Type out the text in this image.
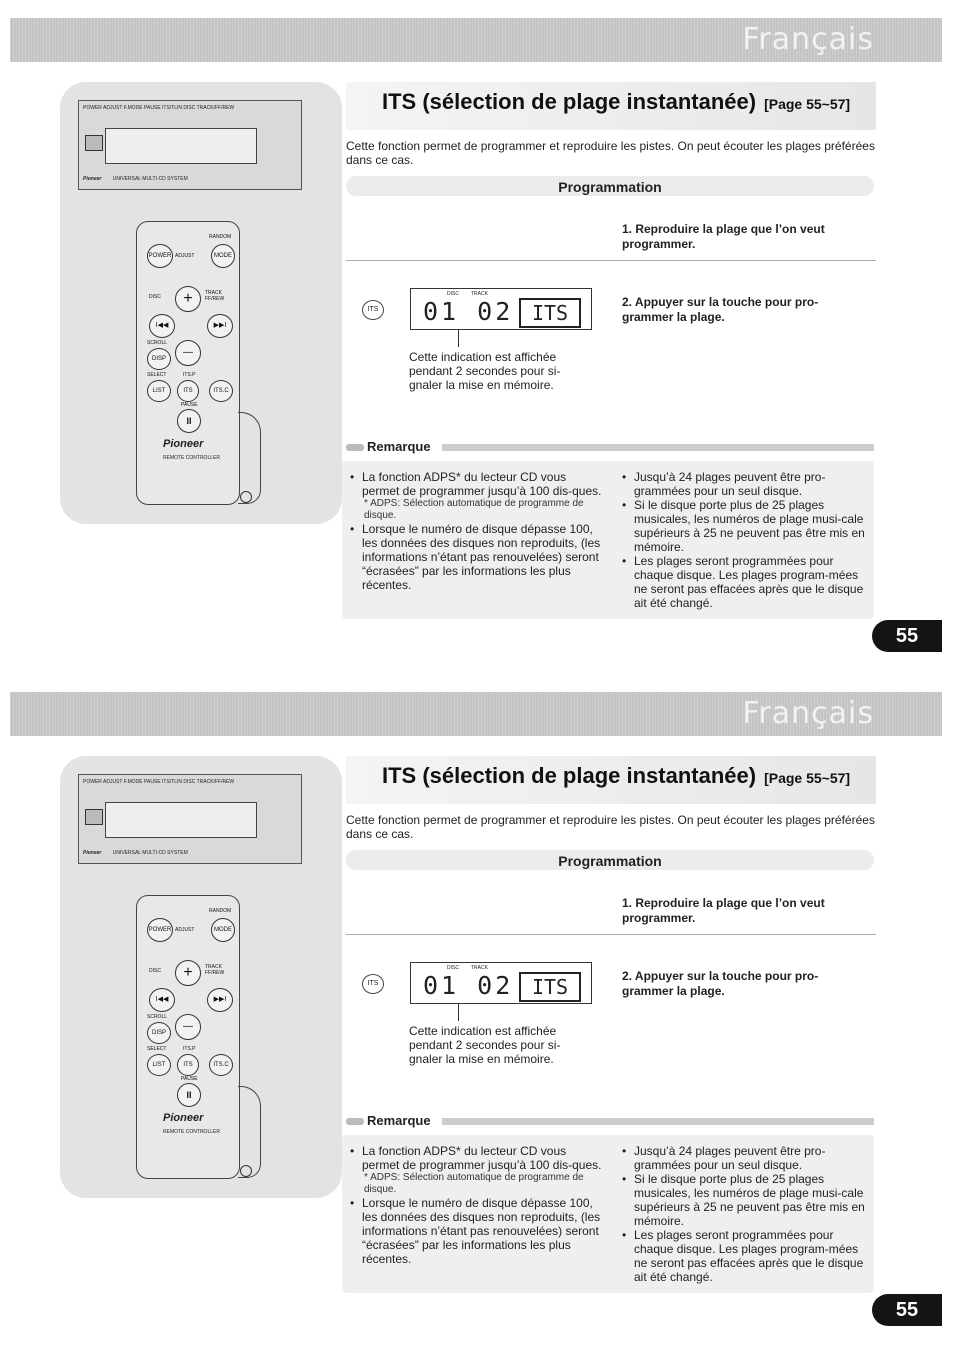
Français
POWER ADJUST F.MODE PAUSE ITS/TLIN DISC TRACK/FF/REW
Pioneer UNIVERSAL MULTI-CD SYSTEM
RANDOM
POWER ADJUST	MODE
DISC	+	TRACK FF/REW
I◀◀	▶▶I
—
SCROLL
DISP
SELECT	ITS.P
LIST	ITS	ITS.C
PAUSE
II
Pioneer
REMOTE CONTROLLER
ITS (sélection de plage instantanée) [Page 55~57]
Cette fonction permet de programmer et reproduire les pistes. On peut écouter les plages préférées dans ce cas.
Programmation
1. Reproduire la plage que l’on veut programmer.
ITS
DISC TRACK
01 02 ITS
Cette indication est affichée pendant 2 secondes pour si-gnaler la mise en mémoire.
2. Appuyer sur la touche pour pro-grammer la plage.
Remarque
• La fonction ADPS* du lecteur CD vous permet de programmer jusqu’à 100 dis-ques.
* ADPS: Sélection automatique de programme de disque.
• Lorsque le numéro de disque dépasse 100, les données des disques non reproduits, (les informations n’étant pas renouvelées) seront “écrasées” par les informations les plus récentes.
• Jusqu’à 24 plages peuvent être pro-grammées pour un seul disque.
• Si le disque porte plus de 25 plages musicales, les numéros de plage musi-cale supérieurs à 25 ne peuvent pas être mis en mémoire.
• Les plages seront programmées pour chaque disque. Les plages program-mées ne seront pas effacées après que le disque ait été changé.
55
Français
POWER ADJUST F.MODE PAUSE ITS/TLIN DISC TRACK/FF/REW
Pioneer UNIVERSAL MULTI-CD SYSTEM
RANDOM
POWER ADJUST	MODE
DISC	+	TRACK FF/REW
I◀◀	▶▶I
—
SCROLL
DISP
SELECT	ITS.P
LIST	ITS	ITS.C
PAUSE
II
Pioneer
REMOTE CONTROLLER
ITS (sélection de plage instantanée) [Page 55~57]
Cette fonction permet de programmer et reproduire les pistes. On peut écouter les plages préférées dans ce cas.
Programmation
1. Reproduire la plage que l’on veut programmer.
ITS
DISC TRACK
01 02 ITS
Cette indication est affichée pendant 2 secondes pour si-gnaler la mise en mémoire.
2. Appuyer sur la touche pour pro-grammer la plage.
Remarque
• La fonction ADPS* du lecteur CD vous permet de programmer jusqu’à 100 dis-ques.
* ADPS: Sélection automatique de programme de disque.
• Lorsque le numéro de disque dépasse 100, les données des disques non reproduits, (les informations n’étant pas renouvelées) seront “écrasées” par les informations les plus récentes.
• Jusqu’à 24 plages peuvent être pro-grammées pour un seul disque.
• Si le disque porte plus de 25 plages musicales, les numéros de plage musi-cale supérieurs à 25 ne peuvent pas être mis en mémoire.
• Les plages seront programmées pour chaque disque. Les plages program-mées ne seront pas effacées après que le disque ait été changé.
55
